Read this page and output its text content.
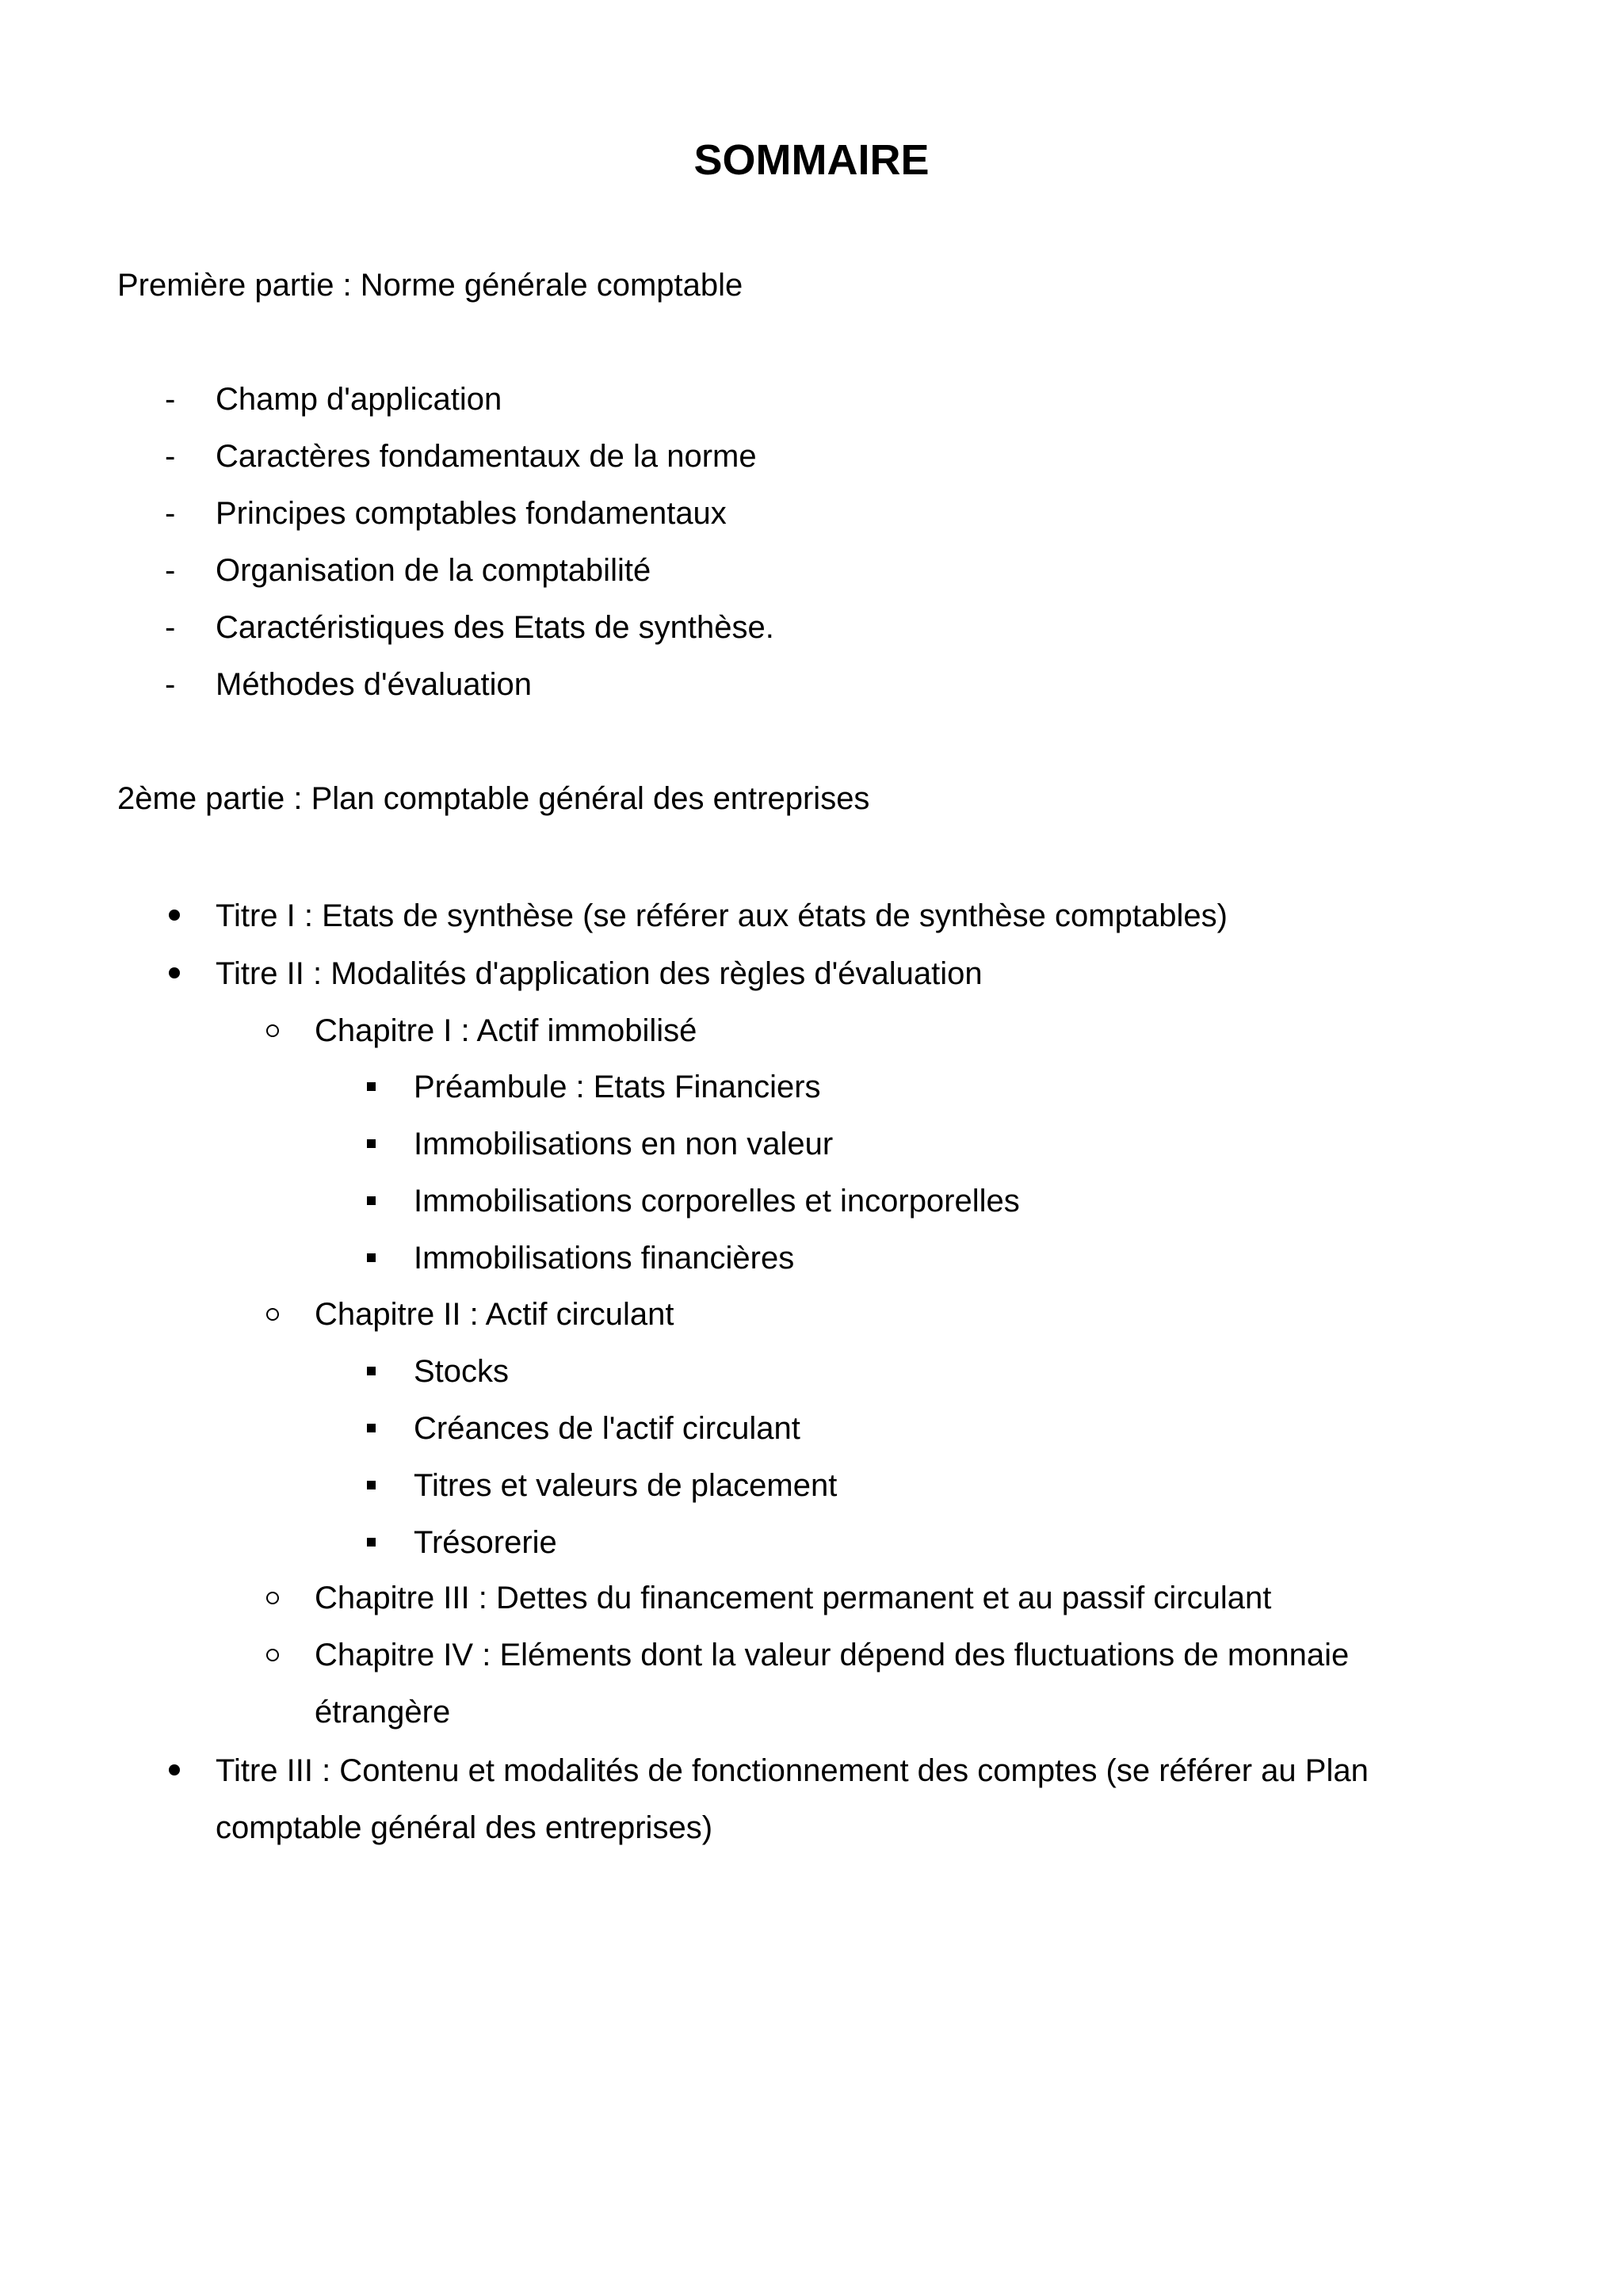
SOMMAIRE
Première partie : Norme générale comptable
- Champ d'application
- Caractères fondamentaux de la norme
- Principes comptables fondamentaux
- Organisation de la comptabilité
- Caractéristiques des Etats de synthèse.
- Méthodes d'évaluation
2ème partie : Plan comptable général des entreprises
Titre I : Etats de synthèse (se référer aux états de synthèse comptables)
Titre II : Modalités d'application des règles d'évaluation
Chapitre I : Actif immobilisé
Préambule : Etats Financiers
Immobilisations en non valeur
Immobilisations corporelles et incorporelles
Immobilisations financières
Chapitre II : Actif circulant
Stocks
Créances de l'actif circulant
Titres et valeurs de placement
Trésorerie
Chapitre III : Dettes du financement permanent et au passif circulant
Chapitre IV : Eléments dont la valeur dépend des fluctuations de monnaie
étrangère
Titre III : Contenu et modalités de fonctionnement des comptes (se référer au Plan
comptable général des entreprises)
